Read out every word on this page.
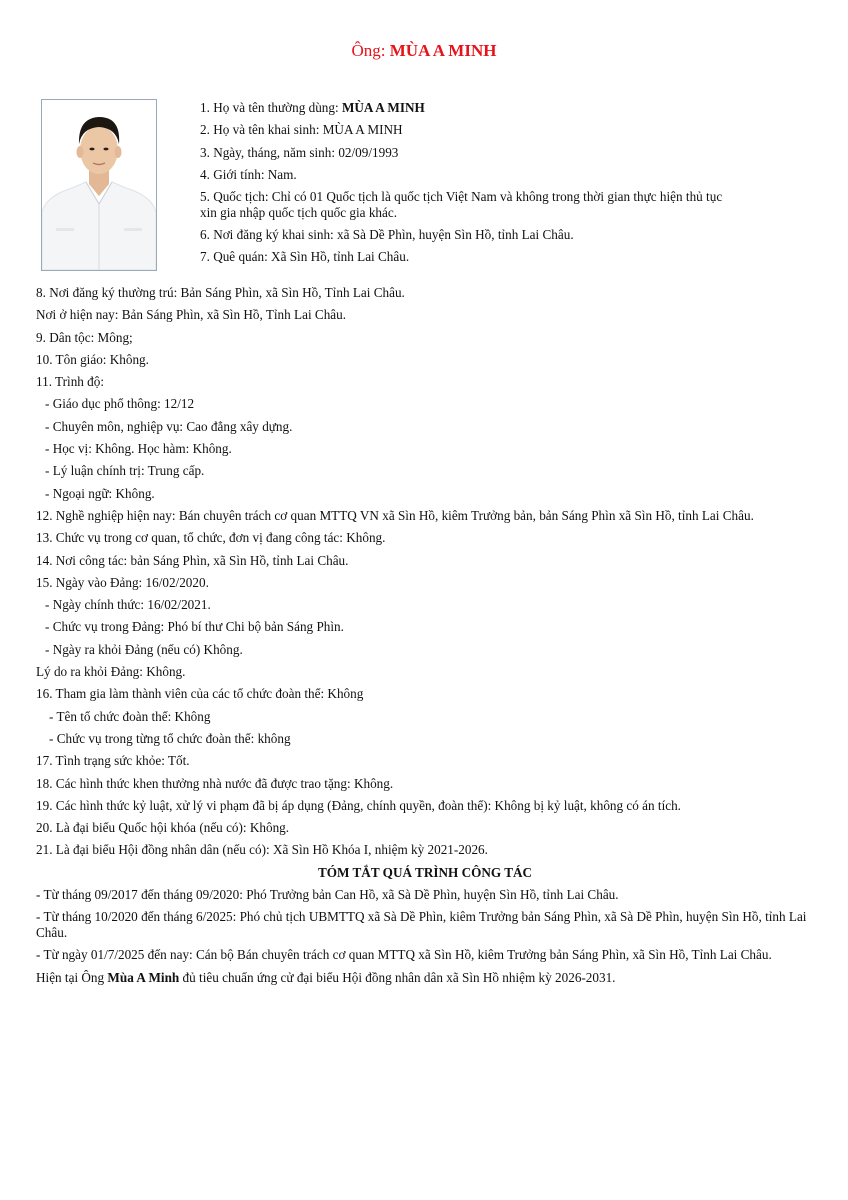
Ông: MÙA A MINH
1. Họ và tên thường dùng: MÙA A MINH
2. Họ và tên khai sinh: MÙA A MINH
3. Ngày, tháng, năm sinh: 02/09/1993
4. Giới tính: Nam.
5. Quốc tịch: Chỉ có 01 Quốc tịch là quốc tịch Việt Nam và không trong thời gian thực hiện thủ tục
xin gia nhập quốc tịch quốc gia khác.
6. Nơi đăng ký khai sinh: xã Sà Dề Phìn, huyện Sìn Hồ, tỉnh Lai Châu.
7. Quê quán: Xã Sìn Hồ, tỉnh Lai Châu.
8. Nơi đăng ký thường trú: Bản Sáng Phìn, xã Sìn Hồ, Tỉnh Lai Châu.
Nơi ở hiện nay: Bản Sáng Phìn, xã Sìn Hồ, Tỉnh Lai Châu.
9. Dân tộc: Mông;
10. Tôn giáo: Không.
11. Trình độ:
- Giáo dục phổ thông: 12/12
- Chuyên môn, nghiệp vụ: Cao đẳng xây dựng.
- Học vị: Không. Học hàm: Không.
- Lý luận chính trị: Trung cấp.
- Ngoại ngữ: Không.
12. Nghề nghiệp hiện nay: Bán chuyên trách cơ quan MTTQ VN xã Sìn Hồ, kiêm Trưởng bản, bản Sáng Phìn xã Sìn Hồ, tỉnh Lai Châu.
13. Chức vụ trong cơ quan, tổ chức, đơn vị đang công tác: Không.
14. Nơi công tác: bản Sáng Phìn, xã Sìn Hồ, tỉnh Lai Châu.
15. Ngày vào Đảng: 16/02/2020.
- Ngày chính thức: 16/02/2021.
- Chức vụ trong Đảng: Phó bí thư Chi bộ bản Sáng Phìn.
- Ngày ra khỏi Đảng (nếu có) Không.
Lý do ra khỏi Đảng: Không.
16. Tham gia làm thành viên của các tổ chức đoàn thể: Không
- Tên tổ chức đoàn thể: Không
- Chức vụ trong từng tổ chức đoàn thể: không
17. Tình trạng sức khỏe: Tốt.
18. Các hình thức khen thưởng nhà nước đã được trao tặng: Không.
19. Các hình thức kỷ luật, xử lý vi phạm đã bị áp dụng (Đảng, chính quyền, đoàn thể): Không bị kỷ luật, không có án tích.
20. Là đại biểu Quốc hội khóa (nếu có): Không.
21. Là đại biểu Hội đồng nhân dân (nếu có): Xã Sìn Hồ Khóa I, nhiệm kỳ 2021-2026.
TÓM TẮT QUÁ TRÌNH CÔNG TÁC
- Từ tháng 09/2017 đến tháng 09/2020: Phó Trưởng bản Can Hồ, xã Sà Dề Phìn, huyện Sìn Hồ, tỉnh Lai Châu.
- Từ tháng 10/2020 đến tháng 6/2025: Phó chủ tịch UBMTTQ xã Sà Dề Phìn, kiêm Trưởng bản Sáng Phìn, xã Sà Dề Phìn, huyện Sìn Hồ, tỉnh Lai Châu.
- Từ ngày 01/7/2025 đến nay: Cán bộ Bán chuyên trách cơ quan MTTQ xã Sìn Hồ, kiêm Trưởng bản Sáng Phìn, xã Sìn Hồ, Tỉnh Lai Châu.
Hiện tại Ông Mùa A Minh đủ tiêu chuẩn ứng cử đại biểu Hội đồng nhân dân xã Sìn Hồ nhiệm kỳ 2026-2031.
